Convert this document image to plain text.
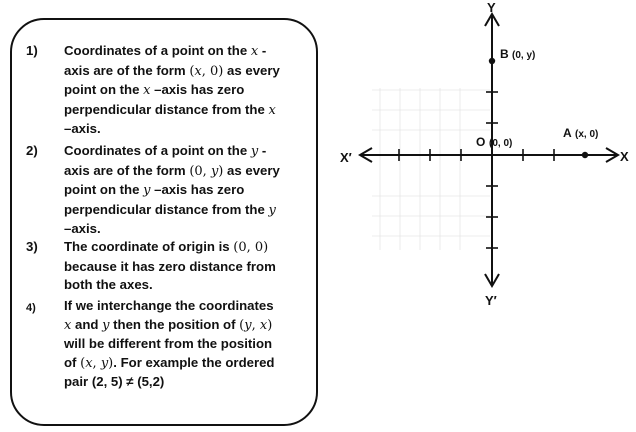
1) Coordinates of a point on the x -
axis are of the form (x, 0) as every
point on the x –axis has zero
perpendicular distance from the x
–axis.
2) Coordinates of a point on the y -
axis are of the form (0, y) as every
point on the y –axis has zero
perpendicular distance from the y
–axis.
3) The coordinate of origin is (0, 0)
because it has zero distance from
both the axes.
4) If we interchange the coordinates
x and y then the position of (y, x)
will be different from the position
of (x, y). For example the ordered
pair (2, 5) ≠ (5,2)
Y
Y′
X′	X
O (0, 0)
A (x, 0)
B (0, y)
